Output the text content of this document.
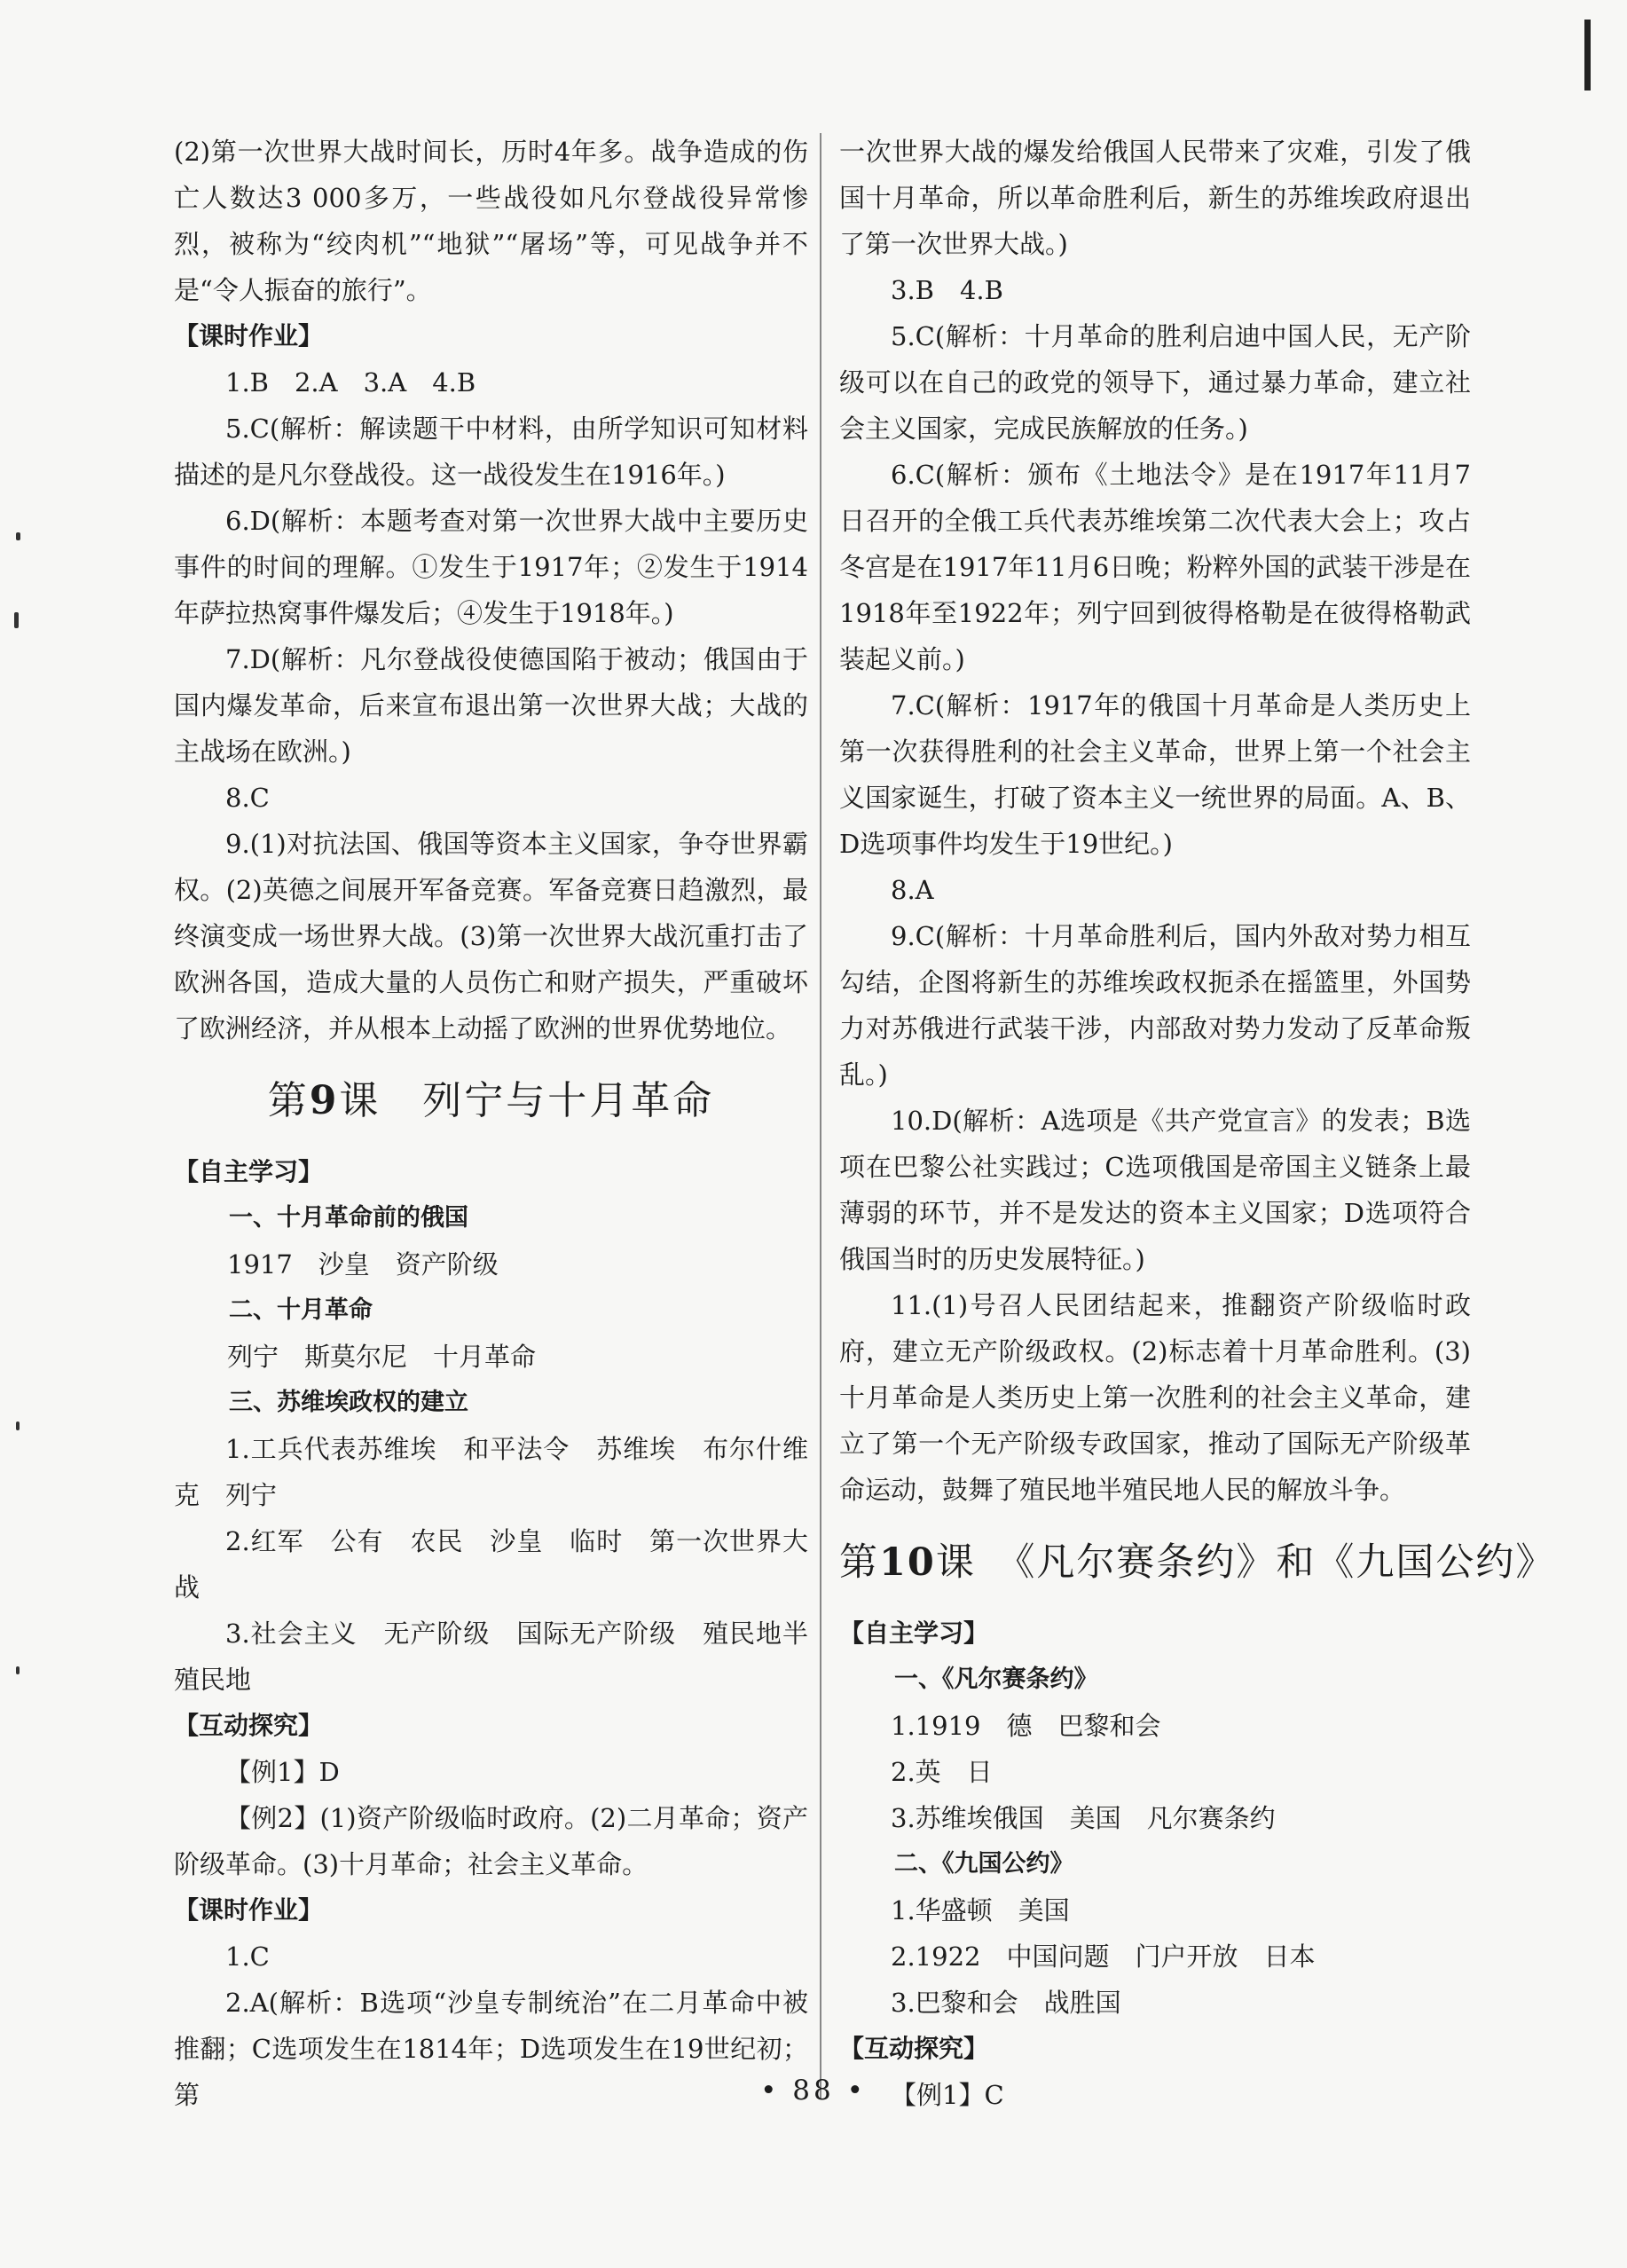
(2)第一次世界大战时间长，历时4年多。战争造成的伤亡人数达3 000多万，一些战役如凡尔登战役异常惨烈，被称为“绞肉机”“地狱”“屠场”等，可见战争并不是“令人振奋的旅行”。

【课时作业】

1.B　2.A　3.A　4.B

5.C(解析：解读题干中材料，由所学知识可知材料描述的是凡尔登战役。这一战役发生在1916年。)

6.D(解析：本题考查对第一次世界大战中主要历史事件的时间的理解。①发生于1917年；②发生于1914年萨拉热窝事件爆发后；④发生于1918年。)

7.D(解析：凡尔登战役使德国陷于被动；俄国由于国内爆发革命，后来宣布退出第一次世界大战；大战的主战场在欧洲。)

8.C

9.(1)对抗法国、俄国等资本主义国家，争夺世界霸权。(2)英德之间展开军备竞赛。军备竞赛日趋激烈，最终演变成一场世界大战。(3)第一次世界大战沉重打击了欧洲各国，造成大量的人员伤亡和财产损失，严重破坏了欧洲经济，并从根本上动摇了欧洲的世界优势地位。

第9课　列宁与十月革命
【自主学习】
一、十月革命前的俄国

1917　沙皇　资产阶级

二、十月革命

列宁　斯莫尔尼　十月革命

三、苏维埃政权的建立

1.工兵代表苏维埃　和平法令　苏维埃　布尔什维克　列宁

2.红军　公有　农民　沙皇　临时　第一次世界大战

3.社会主义　无产阶级　国际无产阶级　殖民地半殖民地

【互动探究】

【例1】D

【例2】(1)资产阶级临时政府。(2)二月革命；资产阶级革命。(3)十月革命；社会主义革命。

【课时作业】

1.C

2.A(解析：B选项“沙皇专制统治”在二月革命中被推翻；C选项发生在1814年；D选项发生在19世纪初；第

一次世界大战的爆发给俄国人民带来了灾难，引发了俄国十月革命，所以革命胜利后，新生的苏维埃政府退出了第一次世界大战。)

3.B　4.B

5.C(解析：十月革命的胜利启迪中国人民，无产阶级可以在自己的政党的领导下，通过暴力革命，建立社会主义国家，完成民族解放的任务。)

6.C(解析：颁布《土地法令》是在1917年11月7日召开的全俄工兵代表苏维埃第二次代表大会上；攻占冬宫是在1917年11月6日晚；粉粹外国的武装干涉是在1918年至1922年；列宁回到彼得格勒是在彼得格勒武装起义前。)

7.C(解析：1917年的俄国十月革命是人类历史上第一次获得胜利的社会主义革命，世界上第一个社会主义国家诞生，打破了资本主义一统世界的局面。A、B、D选项事件均发生于19世纪。)

8.A

9.C(解析：十月革命胜利后，国内外敌对势力相互勾结，企图将新生的苏维埃政权扼杀在摇篮里，外国势力对苏俄进行武装干涉，内部敌对势力发动了反革命叛乱。)

10.D(解析：A选项是《共产党宣言》的发表；B选项在巴黎公社实践过；C选项俄国是帝国主义链条上最薄弱的环节，并不是发达的资本主义国家；D选项符合俄国当时的历史发展特征。)

11.(1)号召人民团结起来，推翻资产阶级临时政府，建立无产阶级政权。(2)标志着十月革命胜利。(3)十月革命是人类历史上第一次胜利的社会主义革命，建立了第一个无产阶级专政国家，推动了国际无产阶级革命运动，鼓舞了殖民地半殖民地人民的解放斗争。

第10课　《凡尔赛条约》和《九国公约》
【自主学习】
一、《凡尔赛条约》

1.1919　德　巴黎和会

2.英　日

3.苏维埃俄国　美国　凡尔赛条约

二、《九国公约》

1.华盛顿　美国

2.1922　中国问题　门户开放　日本

3.巴黎和会　战胜国

【互动探究】

【例1】C

• 88 •
